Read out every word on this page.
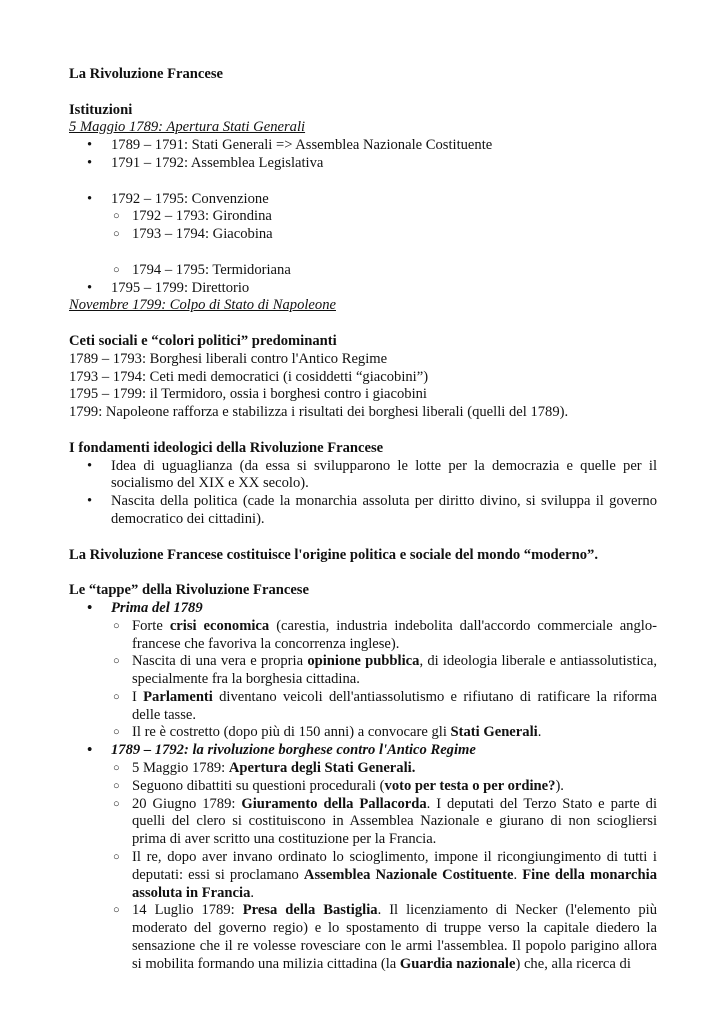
La Rivoluzione Francese

Istituzioni

5 Maggio 1789: Apertura Stati Generali

• 1789 – 1791: Stati Generali => Assemblea Nazionale Costituente
• 1791 – 1792: Assemblea Legislativa
• 1792 – 1795: Convenzione
○ 1792 – 1793: Girondina
○ 1793 – 1794: Giacobina
○ 1794 – 1795: Termidoriana
• 1795 – 1799: Direttorio

Novembre 1799: Colpo di Stato di Napoleone

Ceti sociali e “colori politici” predominanti

1789 – 1793: Borghesi liberali contro l'Antico Regime

1793 – 1794: Ceti medi democratici (i cosiddetti “giacobini”)

1795 – 1799: il Termidoro, ossia i borghesi contro i giacobini

1799: Napoleone rafforza e stabilizza i risultati dei borghesi liberali (quelli del 1789).

I fondamenti ideologici della Rivoluzione Francese

• Idea di uguaglianza (da essa si svilupparono le lotte per la democrazia e quelle per il socialismo del XIX e XX secolo).
• Nascita della politica (cade la monarchia assoluta per diritto divino, si sviluppa il governo democratico dei cittadini).

La Rivoluzione Francese costituisce l'origine politica e sociale del mondo “moderno”.

Le “tappe” della Rivoluzione Francese

• Prima del 1789
○ Forte crisi economica (carestia, industria indebolita dall'accordo commerciale anglo-francese che favoriva la concorrenza inglese).
○ Nascita di una vera e propria opinione pubblica, di ideologia liberale e antiassolutistica, specialmente fra la borghesia cittadina.
○ I Parlamenti diventano veicoli dell'antiassolutismo e rifiutano di ratificare la riforma delle tasse.
○ Il re è costretto (dopo più di 150 anni) a convocare gli Stati Generali.
• 1789 – 1792: la rivoluzione borghese contro l'Antico Regime
○ 5 Maggio 1789: Apertura degli Stati Generali.
○ Seguono dibattiti su questioni procedurali (voto per testa o per ordine?).
○ 20 Giugno 1789: Giuramento della Pallacorda. I deputati del Terzo Stato e parte di quelli del clero si costituiscono in Assemblea Nazionale e giurano di non sciogliersi prima di aver scritto una costituzione per la Francia.
○ Il re, dopo aver invano ordinato lo scioglimento, impone il ricongiungimento di tutti i deputati: essi si proclamano Assemblea Nazionale Costituente. Fine della monarchia assoluta in Francia.
○ 14 Luglio 1789: Presa della Bastiglia. Il licenziamento di Necker (l'elemento più moderato del governo regio) e lo spostamento di truppe verso la capitale diedero la sensazione che il re volesse rovesciare con le armi l'assemblea. Il popolo parigino allora si mobilita formando una milizia cittadina (la Guardia nazionale) che, alla ricerca di
